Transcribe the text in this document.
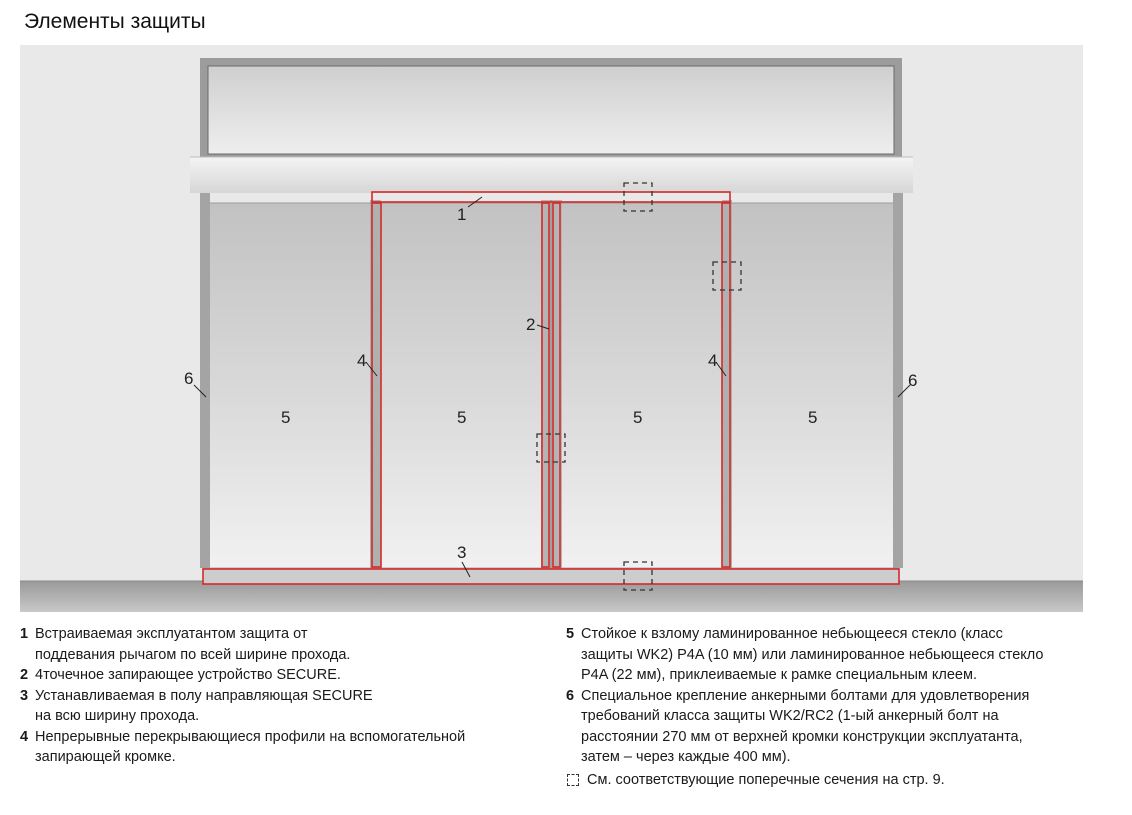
Элементы защиты
1
2
3
4	4
5	5	5	5
6	6
1 Встраиваемая эксплуатантом защита от
поддевания рычагом по всей ширине прохода.
2 4точечное запирающее устройство SECURE.
3 Устанавливаемая в полу направляющая SECURE
на всю ширину прохода.
4 Непрерывные перекрывающиеся профили на вспомогательной
запирающей кромке.
5 Стойкое к взлому ламинированное небьющееся стекло (класс
защиты WK2) P4A (10 мм) или ламинированное небьющееся стекло
P4A (22 мм), приклеиваемые к рамке специальным клеем.
6 Специальное крепление анкерными болтами для удовлетворения
требований класса защиты WK2/RC2 (1-ый анкерный болт на
расстоянии 270 мм от верхней кромки конструкции эксплуатанта,
затем – через каждые 400 мм).
См. соответствующие поперечные сечения на стр. 9.
